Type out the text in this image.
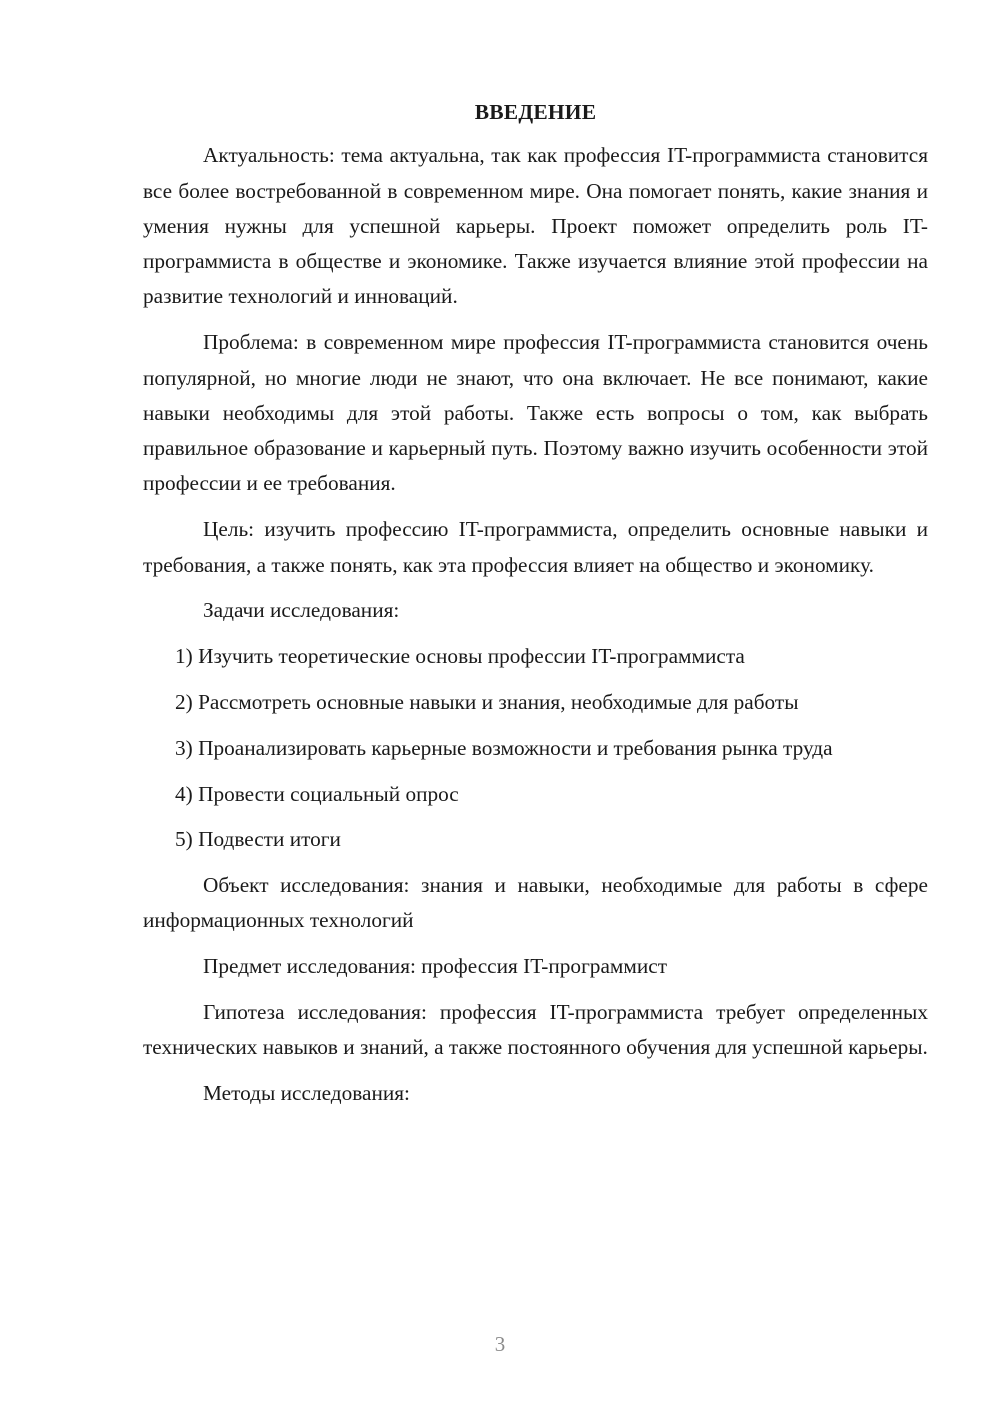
ВВЕДЕНИЕ

Актуальность: тема актуальна, так как профессия IT-программиста становится все более востребованной в современном мире. Она помогает понять, какие знания и умения нужны для успешной карьеры. Проект поможет определить роль IT-программиста в обществе и экономике. Также изучается влияние этой профессии на развитие технологий и инноваций.

Проблема: в современном мире профессия IT-программиста становится очень популярной, но многие люди не знают, что она включает. Не все понимают, какие навыки необходимы для этой работы. Также есть вопросы о том, как выбрать правильное образование и карьерный путь. Поэтому важно изучить особенности этой профессии и ее требования.

Цель: изучить профессию IT-программиста, определить основные навыки и требования, а также понять, как эта профессия влияет на общество и экономику.

Задачи исследования:

1) Изучить теоретические основы профессии IT-программиста

2) Рассмотреть основные навыки и знания, необходимые для работы

3) Проанализировать карьерные возможности и требования рынка труда

4) Провести социальный опрос

5) Подвести итоги

Объект исследования: знания и навыки, необходимые для работы в сфере информационных технологий

Предмет исследования: профессия IT-программист

Гипотеза исследования: профессия IT-программиста требует определенных технических навыков и знаний, а также постоянного обучения для успешной карьеры.

Методы исследования:

3
